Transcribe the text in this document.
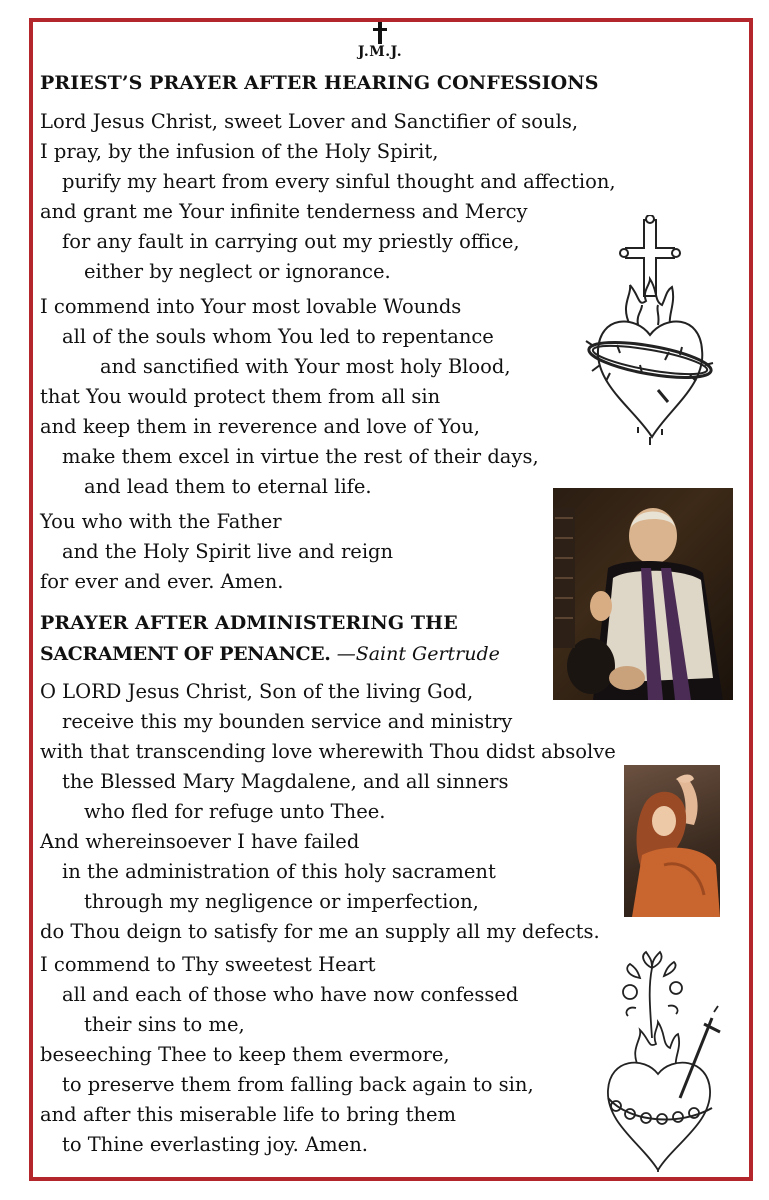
J.M.J.
PRIEST’S PRAYER AFTER HEARING CONFESSIONS
Lord Jesus Christ, sweet Lover and Sanctifier of souls,
I pray, by the infusion of the Holy Spirit,
purify my heart from every sinful thought and affection,
and grant me Your infinite tenderness and Mercy
for any fault in carrying out my priestly office,
either by neglect or ignorance.
I commend into Your most lovable Wounds
all of the souls whom You led to repentance
and sanctified with Your most holy Blood,
that You would protect them from all sin
and keep them in reverence and love of You,
make them excel in virtue the rest of their days,
and lead them to eternal life.
You who with the Father
and the Holy Spirit live and reign
for ever and ever. Amen.
PRAYER AFTER ADMINISTERING THE
SACRAMENT OF PENANCE. —Saint Gertrude
O LORD Jesus Christ, Son of the living God,
receive this my bounden service and ministry
with that transcending love wherewith Thou didst absolve
the Blessed Mary Magdalene, and all sinners
who fled for refuge unto Thee.
And whereinsoever I have failed
in the administration of this holy sacrament
through my negligence or imperfection,
do Thou deign to satisfy for me an supply all my defects.
I commend to Thy sweetest Heart
all and each of those who have now confessed
their sins to me,
beseeching Thee to keep them evermore,
to preserve them from falling back again to sin,
and after this miserable life to bring them
to Thine everlasting joy. Amen.
